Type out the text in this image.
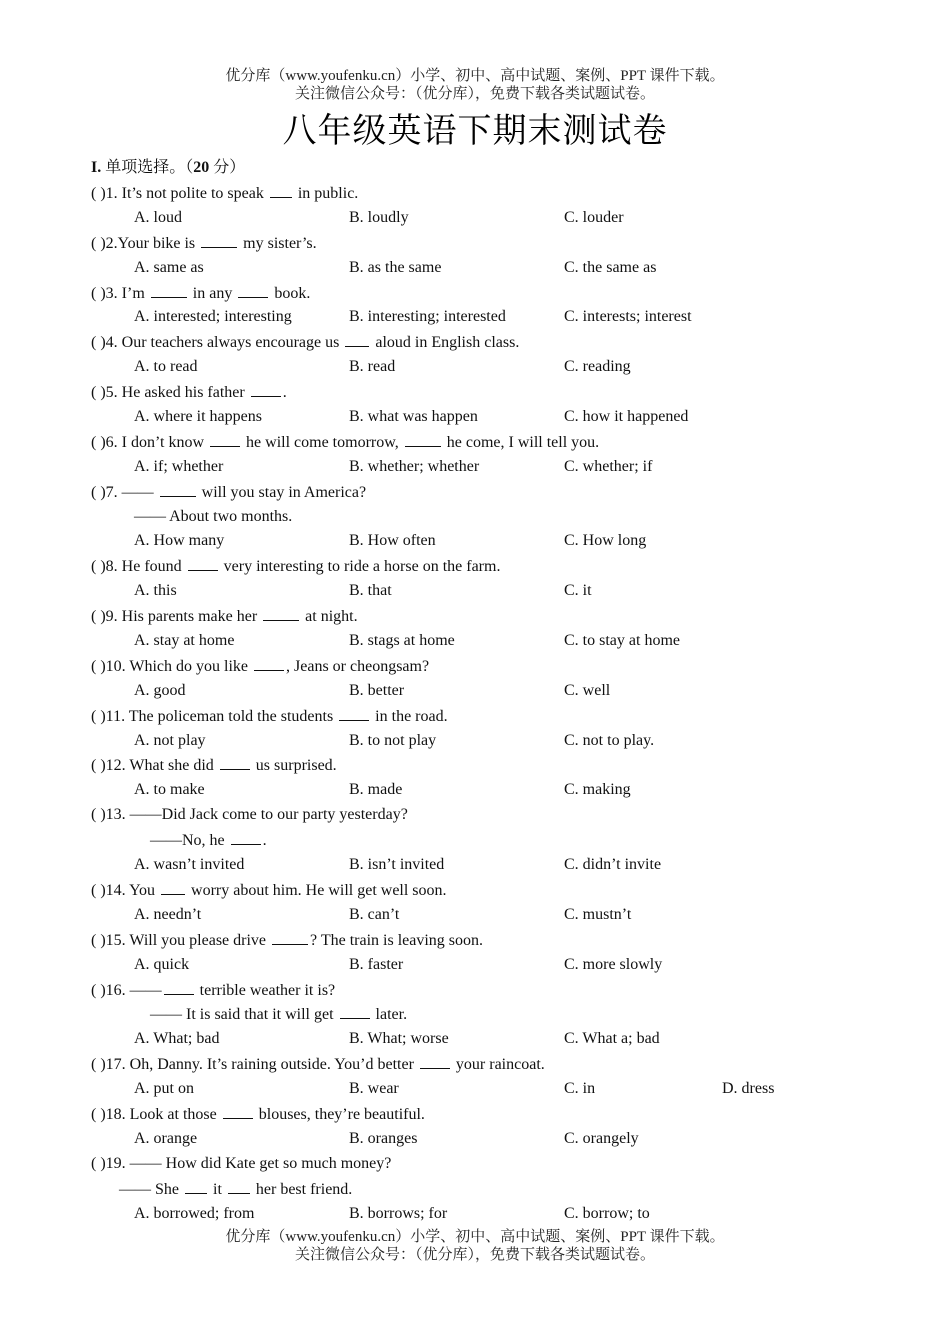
优分库（www.youfenku.cn）小学、初中、高中试题、案例、PPT 课件下载。
关注微信公众号：（优分库），免费下载各类试题试卷。
八年级英语下期末测试卷
I. 单项选择。（20 分）
( )1. It’s not polite to speak  in public.
A. loud	B. loudly	C. louder
( )2.Your bike is	my sister’s.
A. same as	B. as the same	C. the same as
( )3. I’m	in any  book.
A. interested; interesting	B. interesting; interested	C. interests; interest
( )4. Our teachers always encourage us  aloud in English class.
A. to read	B. read	C. reading
( )5. He asked his father .
A. where it happens	B. what was happen	C. how it happened
( )6. I don’t know  he will come tomorrow,	he come, I will tell you.
A. if; whether	B. whether; whether	C. whether; if
( )7. ——	will you stay in America?
—— About two months.
A. How many	B. How often	C. How long
( )8. He found  very interesting to ride a horse on the farm.
A. this	B. that	C. it
( )9. His parents make her	at night.
A. stay at home	B. stags at home	C. to stay at home
( )10. Which do you like , Jeans or cheongsam?
A. good	B. better	C. well
( )11. The policeman told the students  in the road.
A. not play	B. to not play	C. not to play.
( )12. What she did  us surprised.
A. to make	B. made	C. making
( )13. ——Did Jack come to our party yesterday?
——No, he .
A. wasn’t invited	B. isn’t invited	C. didn’t invite
( )14. You  worry about him. He will get well soon.
A. needn’t	B. can’t	C. mustn’t
( )15. Will you please drive	? The train is leaving soon.
A. quick	B. faster	C. more slowly
( )16. —— terrible weather it is?
—— It is said that it will get  later.
A. What; bad	B. What; worse	C. What a; bad
( )17. Oh, Danny. It’s raining outside. You’d better  your raincoat.
A. put on	B. wear	C. in	D. dress
( )18. Look at those  blouses, they’re beautiful.
A. orange	B. oranges	C. orangely
( )19. —— How did Kate get so much money?
—— She  it  her best friend.
A. borrowed; from	B. borrows; for	C. borrow; to
优分库（www.youfenku.cn）小学、初中、高中试题、案例、PPT 课件下载。
关注微信公众号：（优分库），免费下载各类试题试卷。
